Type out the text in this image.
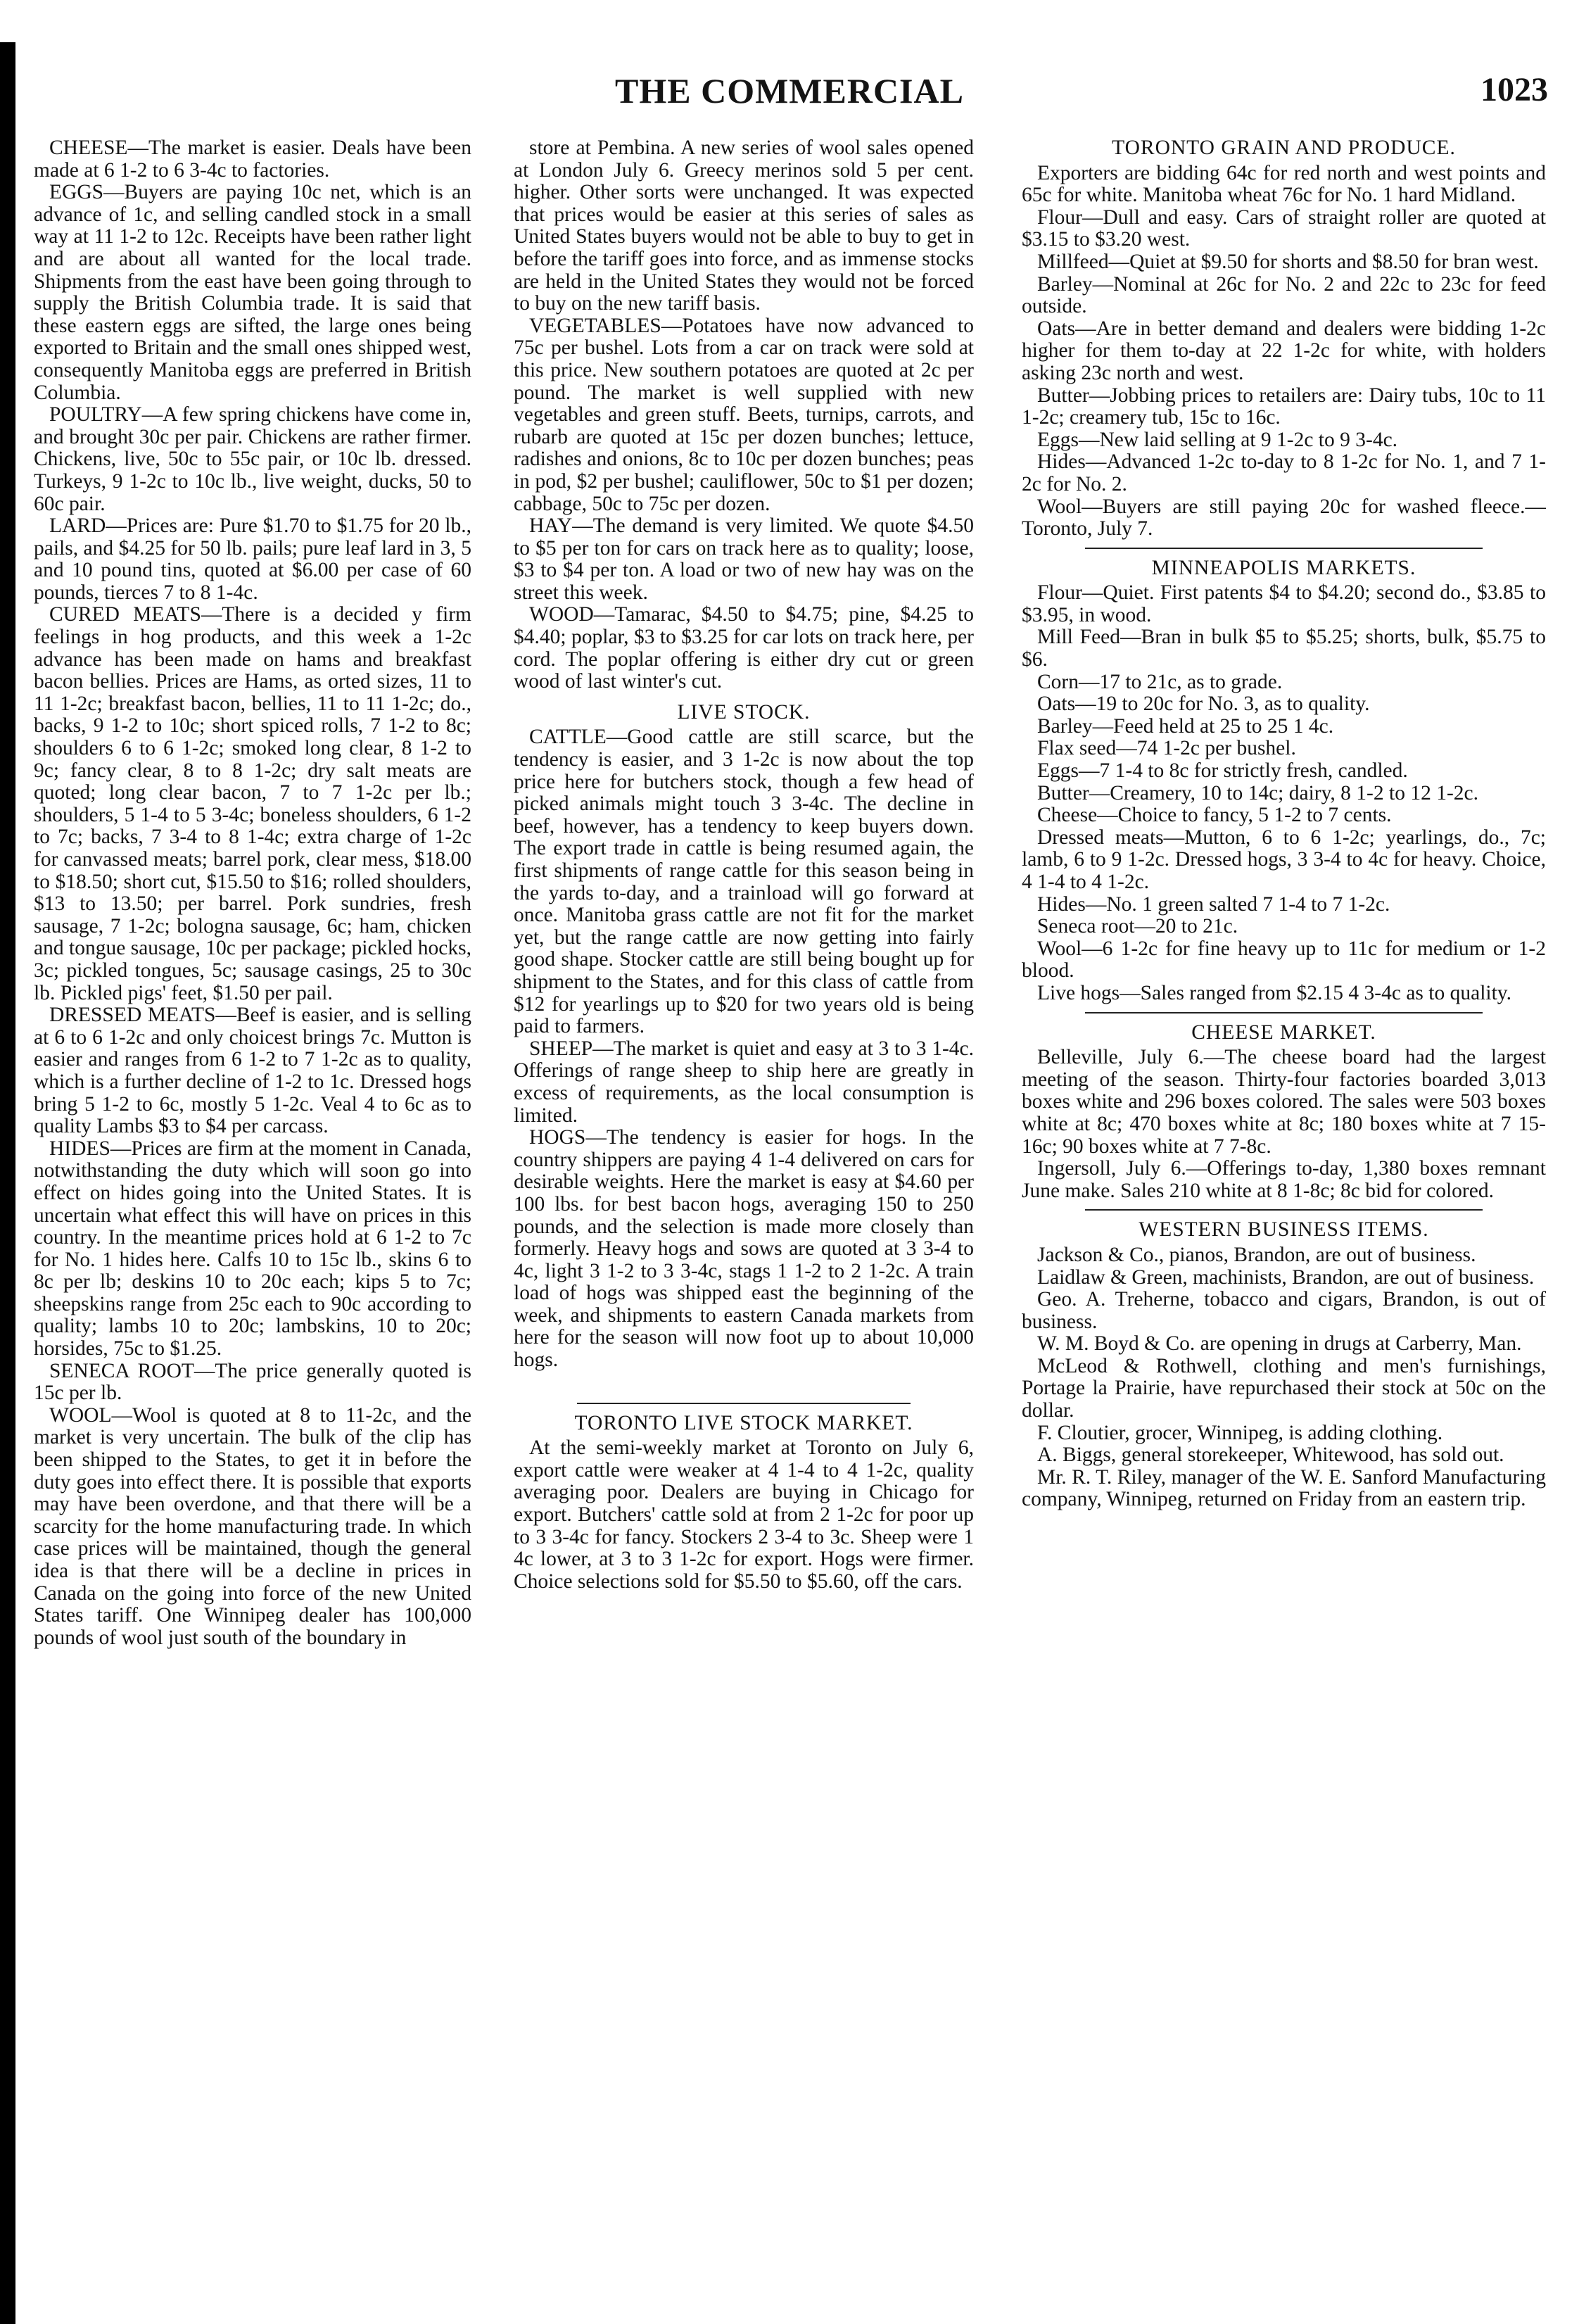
THE COMMERCIAL	1023

CHEESE—The market is easier. Deals have been made at 6 1-2 to 6 3-4c to factories.

EGGS—Buyers are paying 10c net, which is an advance of 1c, and selling candled stock in a small way at 11 1-2 to 12c. Receipts have been rather light and are about all wanted for the local trade. Shipments from the east have been going through to supply the British Columbia trade. It is said that these eastern eggs are sifted, the large ones being exported to Britain and the small ones shipped west, consequently Manitoba eggs are preferred in British Columbia.

POULTRY—A few spring chickens have come in, and brought 30c per pair. Chickens are rather firmer. Chickens, live, 50c to 55c pair, or 10c lb. dressed. Turkeys, 9 1-2c to 10c lb., live weight, ducks, 50 to 60c pair.

LARD—Prices are: Pure $1.70 to $1.75 for 20 lb., pails, and $4.25 for 50 lb. pails; pure leaf lard in 3, 5 and 10 pound tins, quoted at $6.00 per case of 60 pounds, tierces 7 to 8 1-4c.

CURED MEATS—There is a decided y firm feelings in hog products, and this week a 1-2c advance has been made on hams and breakfast bacon bellies. Prices are Hams, as orted sizes, 11 to 11 1-2c; breakfast bacon, bellies, 11 to 11 1-2c; do., backs, 9 1-2 to 10c; short spiced rolls, 7 1-2 to 8c; shoulders 6 to 6 1-2c; smoked long clear, 8 1-2 to 9c; fancy clear, 8 to 8 1-2c; dry salt meats are quoted; long clear bacon, 7 to 7 1-2c per lb.; shoulders, 5 1-4 to 5 3-4c; boneless shoulders, 6 1-2 to 7c; backs, 7 3-4 to 8 1-4c; extra charge of 1-2c for canvassed meats; barrel pork, clear mess, $18.00 to $18.50; short cut, $15.50 to $16; rolled shoulders, $13 to 13.50; per barrel. Pork sundries, fresh sausage, 7 1-2c; bologna sausage, 6c; ham, chicken and tongue sausage, 10c per package; pickled hocks, 3c; pickled tongues, 5c; sausage casings, 25 to 30c lb. Pickled pigs' feet, $1.50 per pail.

DRESSED MEATS—Beef is easier, and is selling at 6 to 6 1-2c and only choicest brings 7c. Mutton is easier and ranges from 6 1-2 to 7 1-2c as to quality, which is a further decline of 1-2 to 1c. Dressed hogs bring 5 1-2 to 6c, mostly 5 1-2c. Veal 4 to 6c as to quality Lambs $3 to $4 per carcass.

HIDES—Prices are firm at the moment in Canada, notwithstanding the duty which will soon go into effect on hides going into the United States. It is uncertain what effect this will have on prices in this country. In the meantime prices hold at 6 1-2 to 7c for No. 1 hides here. Calfs 10 to 15c lb., skins 6 to 8c per lb; deskins 10 to 20c each; kips 5 to 7c; sheepskins range from 25c each to 90c according to quality; lambs 10 to 20c; lambskins, 10 to 20c; horsides, 75c to $1.25.

SENECA ROOT—The price generally quoted is 15c per lb.

WOOL—Wool is quoted at 8 to 11-2c, and the market is very uncertain. The bulk of the clip has been shipped to the States, to get it in before the duty goes into effect there. It is possible that exports may have been overdone, and that there will be a scarcity for the home manufacturing trade. In which case prices will be maintained, though the general idea is that there will be a decline in prices in Canada on the going into force of the new United States tariff. One Winnipeg dealer has 100,000 pounds of wool just south of the boundary in

store at Pembina. A new series of wool sales opened at London July 6. Greecy merinos sold 5 per cent. higher. Other sorts were unchanged. It was expected that prices would be easier at this series of sales as United States buyers would not be able to buy to get in before the tariff goes into force, and as immense stocks are held in the United States they would not be forced to buy on the new tariff basis.

VEGETABLES—Potatoes have now advanced to 75c per bushel. Lots from a car on track were sold at this price. New southern potatoes are quoted at 2c per pound. The market is well supplied with new vegetables and green stuff. Beets, turnips, carrots, and rubarb are quoted at 15c per dozen bunches; lettuce, radishes and onions, 8c to 10c per dozen bunches; peas in pod, $2 per bushel; cauliflower, 50c to $1 per dozen; cabbage, 50c to 75c per dozen.

HAY—The demand is very limited. We quote $4.50 to $5 per ton for cars on track here as to quality; loose, $3 to $4 per ton. A load or two of new hay was on the street this week.

WOOD—Tamarac, $4.50 to $4.75; pine, $4.25 to $4.40; poplar, $3 to $3.25 for car lots on track here, per cord. The poplar offering is either dry cut or green wood of last winter's cut.

LIVE STOCK.

CATTLE—Good cattle are still scarce, but the tendency is easier, and 3 1-2c is now about the top price here for butchers stock, though a few head of picked animals might touch 3 3-4c. The decline in beef, however, has a tendency to keep buyers down. The export trade in cattle is being resumed again, the first shipments of range cattle for this season being in the yards to-day, and a trainload will go forward at once. Manitoba grass cattle are not fit for the market yet, but the range cattle are now getting into fairly good shape. Stocker cattle are still being bought up for shipment to the States, and for this class of cattle from $12 for yearlings up to $20 for two years old is being paid to farmers.

SHEEP—The market is quiet and easy at 3 to 3 1-4c. Offerings of range sheep to ship here are greatly in excess of requirements, as the local consumption is limited.

HOGS—The tendency is easier for hogs. In the country shippers are paying 4 1-4 delivered on cars for desirable weights. Here the market is easy at $4.60 per 100 lbs. for best bacon hogs, averaging 150 to 250 pounds, and the selection is made more closely than formerly. Heavy hogs and sows are quoted at 3 3-4 to 4c, light 3 1-2 to 3 3-4c, stags 1 1-2 to 2 1-2c. A train load of hogs was shipped east the beginning of the week, and shipments to eastern Canada markets from here for the season will now foot up to about 10,000 hogs.

TORONTO LIVE STOCK MARKET.

At the semi-weekly market at Toronto on July 6, export cattle were weaker at 4 1-4 to 4 1-2c, quality averaging poor. Dealers are buying in Chicago for export. Butchers' cattle sold at from 2 1-2c for poor up to 3 3-4c for fancy. Stockers 2 3-4 to 3c. Sheep were 1 4c lower, at 3 to 3 1-2c for export. Hogs were firmer. Choice selections sold for $5.50 to $5.60, off the cars.

TORONTO GRAIN AND PRODUCE.

Exporters are bidding 64c for red north and west points and 65c for white. Manitoba wheat 76c for No. 1 hard Midland.

Flour—Dull and easy. Cars of straight roller are quoted at $3.15 to $3.20 west.

Millfeed—Quiet at $9.50 for shorts and $8.50 for bran west.

Barley—Nominal at 26c for No. 2 and 22c to 23c for feed outside.

Oats—Are in better demand and dealers were bidding 1-2c higher for them to-day at 22 1-2c for white, with holders asking 23c north and west.

Butter—Jobbing prices to retailers are: Dairy tubs, 10c to 11 1-2c; creamery tub, 15c to 16c.

Eggs—New laid selling at 9 1-2c to 9 3-4c.

Hides—Advanced 1-2c to-day to 8 1-2c for No. 1, and 7 1-2c for No. 2.

Wool—Buyers are still paying 20c for washed fleece.—Toronto, July 7.

MINNEAPOLIS MARKETS.

Flour—Quiet. First patents $4 to $4.20; second do., $3.85 to $3.95, in wood.

Mill Feed—Bran in bulk $5 to $5.25; shorts, bulk, $5.75 to $6.

Corn—17 to 21c, as to grade.

Oats—19 to 20c for No. 3, as to quality.

Barley—Feed held at 25 to 25 1 4c.

Flax seed—74 1-2c per bushel.

Eggs—7 1-4 to 8c for strictly fresh, candled.

Butter—Creamery, 10 to 14c; dairy, 8 1-2 to 12 1-2c.

Cheese—Choice to fancy, 5 1-2 to 7 cents.

Dressed meats—Mutton, 6 to 6 1-2c; yearlings, do., 7c; lamb, 6 to 9 1-2c. Dressed hogs, 3 3-4 to 4c for heavy. Choice, 4 1-4 to 4 1-2c.

Hides—No. 1 green salted 7 1-4 to 7 1-2c.

Seneca root—20 to 21c.

Wool—6 1-2c for fine heavy up to 11c for medium or 1-2 blood.

Live hogs—Sales ranged from $2.15 4 3-4c as to quality.

CHEESE MARKET.

Belleville, July 6.—The cheese board had the largest meeting of the season. Thirty-four factories boarded 3,013 boxes white and 296 boxes colored. The sales were 503 boxes white at 8c; 470 boxes white at 8c; 180 boxes white at 7 15-16c; 90 boxes white at 7 7-8c.

Ingersoll, July 6.—Offerings to-day, 1,380 boxes remnant June make. Sales 210 white at 8 1-8c; 8c bid for colored.

WESTERN BUSINESS ITEMS.

Jackson & Co., pianos, Brandon, are out of business.

Laidlaw & Green, machinists, Brandon, are out of business.

Geo. A. Treherne, tobacco and cigars, Brandon, is out of business.

W. M. Boyd & Co. are opening in drugs at Carberry, Man.

McLeod & Rothwell, clothing and men's furnishings, Portage la Prairie, have repurchased their stock at 50c on the dollar.

F. Cloutier, grocer, Winnipeg, is adding clothing.

A. Biggs, general storekeeper, Whitewood, has sold out.

Mr. R. T. Riley, manager of the W. E. Sanford Manufacturing company, Winnipeg, returned on Friday from an eastern trip.
